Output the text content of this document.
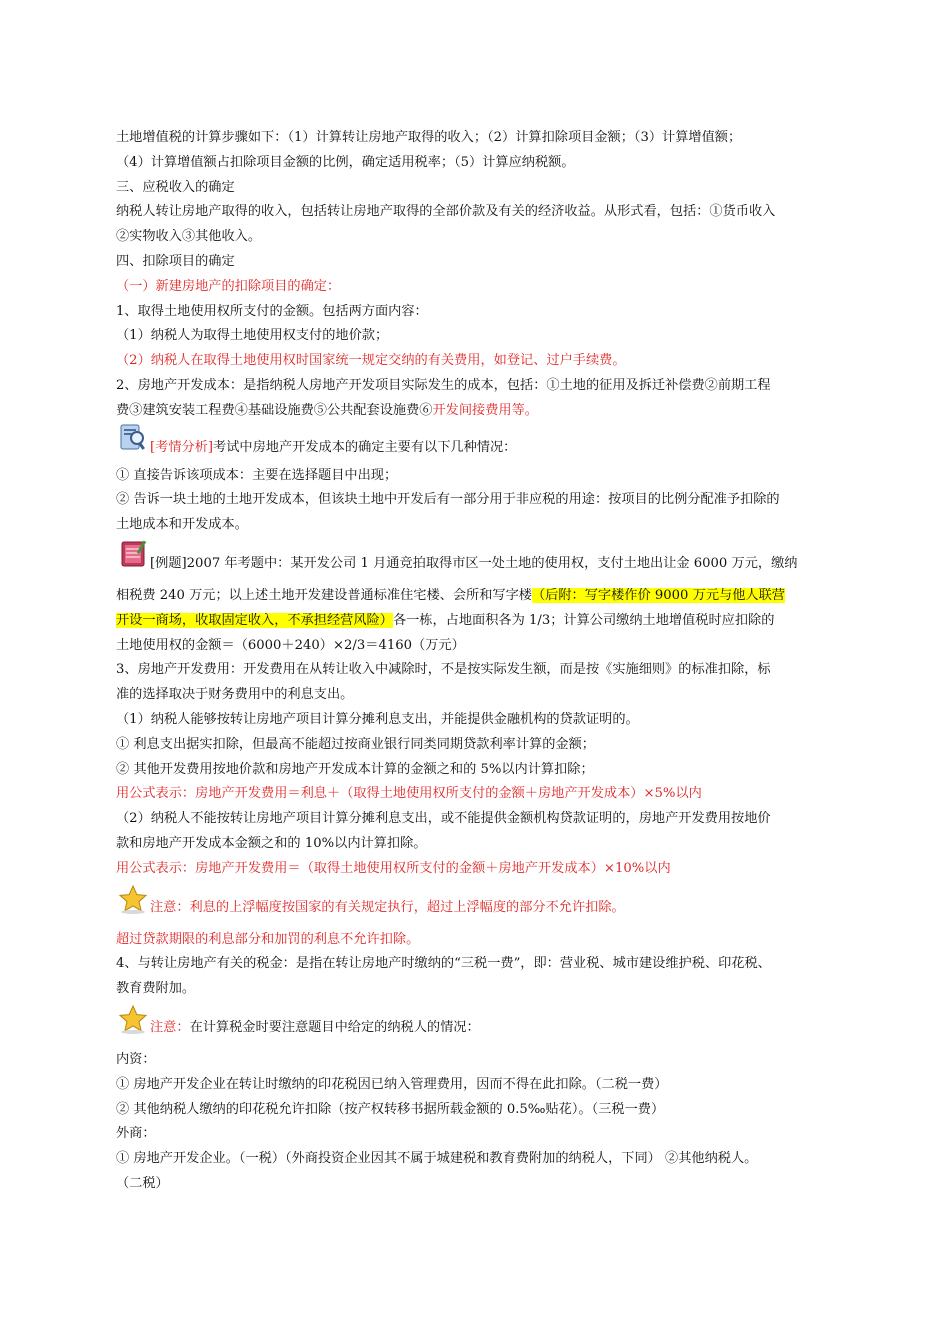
土地增值税的计算步骤如下：（1）计算转让房地产取得的收入；（2）计算扣除项目金额；（3）计算增值额；
（4）计算增值额占扣除项目金额的比例，确定适用税率；（5）计算应纳税额。
三、应税收入的确定
纳税人转让房地产取得的收入，包括转让房地产取得的全部价款及有关的经济收益。从形式看，包括：①货币收入
②实物收入③其他收入。
四、扣除项目的确定
（一）新建房地产的扣除项目的确定：
1、取得土地使用权所支付的金额。包括两方面内容：
（1）纳税人为取得土地使用权支付的地价款；
（2）纳税人在取得土地使用权时国家统一规定交纳的有关费用，如登记、过户手续费。
2、房地产开发成本：是指纳税人房地产开发项目实际发生的成本，包括：①土地的征用及拆迁补偿费②前期工程
费③建筑安装工程费④基础设施费⑤公共配套设施费⑥开发间接费用等。
[考情分析]考试中房地产开发成本的确定主要有以下几种情况：
① 直接告诉该项成本：主要在选择题目中出现；
② 告诉一块土地的土地开发成本，但该块土地中开发后有一部分用于非应税的用途：按项目的比例分配准予扣除的
土地成本和开发成本。
[例题]2007 年考题中：某开发公司 1 月通竞拍取得市区一处土地的使用权，支付土地出让金 6000 万元，缴纳
相税费 240 万元；以上述土地开发建设普通标准住宅楼、会所和写字楼（后附：写字楼作价 9000 万元与他人联营
开设一商场，收取固定收入，不承担经营风险）各一栋，占地面积各为 1/3；计算公司缴纳土地增值税时应扣除的
土地使用权的金额＝（6000＋240）×2/3＝4160（万元）
3、房地产开发费用：开发费用在从转让收入中减除时，不是按实际发生额，而是按《实施细则》的标准扣除，标
准的选择取决于财务费用中的利息支出。
（1）纳税人能够按转让房地产项目计算分摊利息支出，并能提供金融机构的贷款证明的。
① 利息支出据实扣除，但最高不能超过按商业银行同类同期贷款利率计算的金额；
② 其他开发费用按地价款和房地产开发成本计算的金额之和的 5%以内计算扣除；
用公式表示：房地产开发费用＝利息＋（取得土地使用权所支付的金额＋房地产开发成本）×5%以内
（2）纳税人不能按转让房地产项目计算分摊利息支出，或不能提供金额机构贷款证明的，房地产开发费用按地价
款和房地产开发成本金额之和的 10%以内计算扣除。
用公式表示：房地产开发费用＝（取得土地使用权所支付的金额＋房地产开发成本）×10%以内
注意：利息的上浮幅度按国家的有关规定执行，超过上浮幅度的部分不允许扣除。
超过贷款期限的利息部分和加罚的利息不允许扣除。
4、与转让房地产有关的税金：是指在转让房地产时缴纳的“三税一费”，即：营业税、城市建设维护税、印花税、
教育费附加。
注意：在计算税金时要注意题目中给定的纳税人的情况：
内资：
① 房地产开发企业在转让时缴纳的印花税因已纳入管理费用，因而不得在此扣除。（二税一费）
② 其他纳税人缴纳的印花税允许扣除（按产权转移书据所载金额的 0.5‰贴花）。（三税一费）
外商：
① 房地产开发企业。（一税）（外商投资企业因其不属于城建税和教育费附加的纳税人，下同） ②其他纳税人。
（二税）
